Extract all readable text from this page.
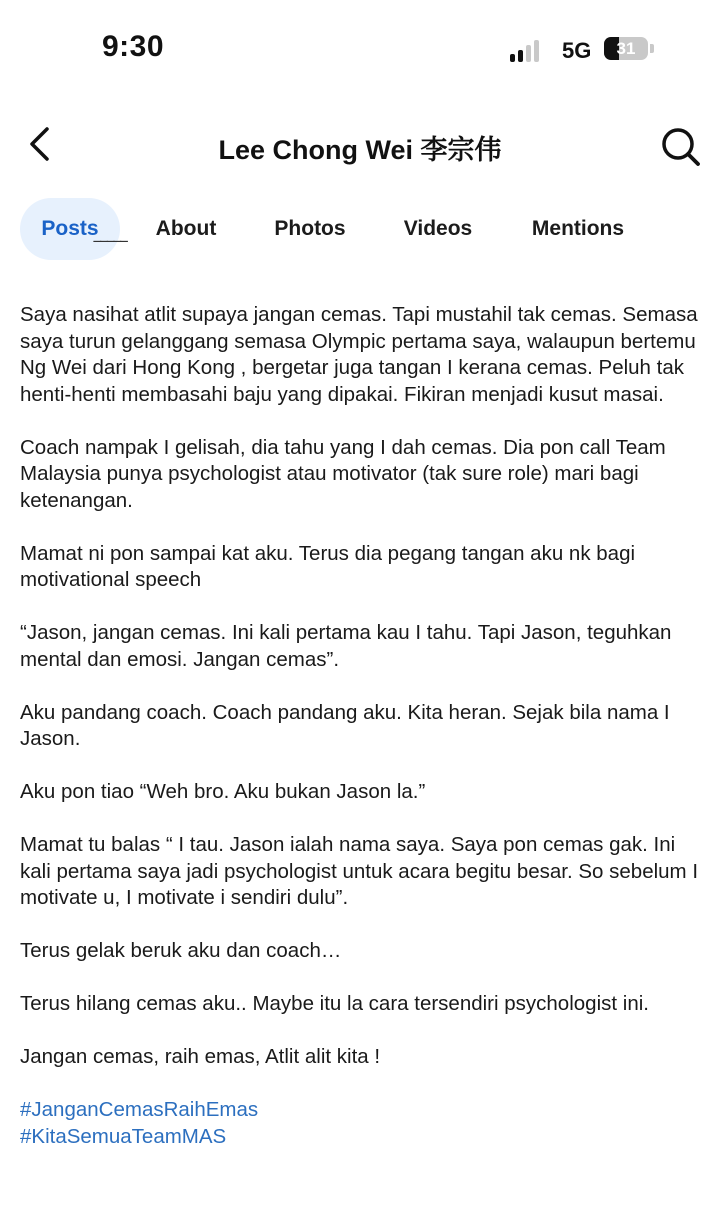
9:30	5G	31
Lee Chong Wei 李宗伟
Posts	About	Photos	Videos	Mentions
‾‾‾‾‾

Saya nasihat atlit supaya jangan cemas. Tapi mustahil tak cemas. Semasa saya turun gelanggang semasa Olympic pertama saya, walaupun bertemu Ng Wei dari Hong Kong , bergetar juga tangan I kerana cemas. Peluh tak henti-henti membasahi baju yang dipakai. Fikiran menjadi kusut masai.

Coach nampak I gelisah, dia tahu yang I dah cemas. Dia pon call Team Malaysia punya psychologist atau motivator (tak sure role) mari bagi ketenangan.

Mamat ni pon sampai kat aku. Terus dia pegang tangan aku nk bagi motivational speech

“Jason, jangan cemas. Ini kali pertama kau I tahu. Tapi Jason, teguhkan mental dan emosi. Jangan cemas”.

Aku pandang coach. Coach pandang aku. Kita heran. Sejak bila nama I Jason.

Aku pon tiao “Weh bro. Aku bukan Jason la.”

Mamat tu balas “ I tau. Jason ialah nama saya. Saya pon cemas gak. Ini kali pertama saya jadi psychologist untuk acara begitu besar. So sebelum I motivate u, I motivate i sendiri dulu”.

Terus gelak beruk aku dan coach…

Terus hilang cemas aku.. Maybe itu la cara tersendiri psychologist ini.

Jangan cemas, raih emas, Atlit alit kita !

#JanganCemasRaihEmas
#KitaSemuaTeamMAS
